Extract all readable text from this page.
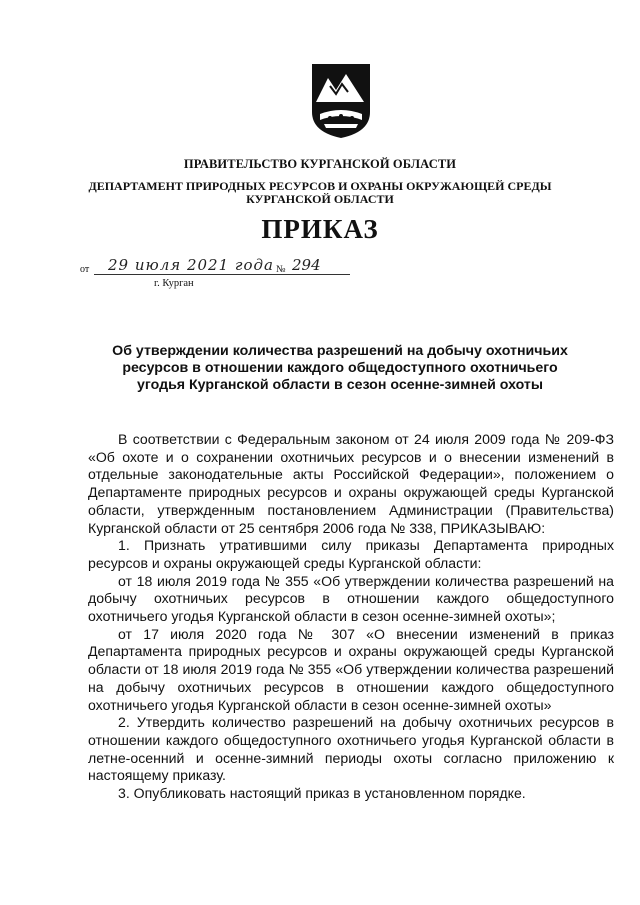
ПРАВИТЕЛЬСТВО КУРГАНСКОЙ ОБЛАСТИ
ДЕПАРТАМЕНТ ПРИРОДНЫХ РЕСУРСОВ И ОХРАНЫ ОКРУЖАЮЩЕЙ СРЕДЫ
КУРГАНСКОЙ ОБЛАСТИ
ПРИКАЗ
от 29 июля 2021 года № 294
г. Курган
Об утверждении количества разрешений на добычу охотничьих
ресурсов в отношении каждого общедоступного охотничьего
угодья Курганской области в сезон осенне-зимней охоты

В соответствии с Федеральным законом от 24 июля 2009 года № 209-ФЗ «Об охоте и о сохранении охотничьих ресурсов и о внесении изменений в отдельные законодательные акты Российской Федерации», положением о Департаменте природных ресурсов и охраны окружающей среды Курганской области, утвержденным постановлением Администрации (Правительства) Курганской области от 25 сентября 2006 года № 338, ПРИКАЗЫВАЮ:

1. Признать утратившими силу приказы Департамента природных ресурсов и охраны окружающей среды Курганской области:

от 18 июля 2019 года № 355 «Об утверждении количества разрешений на добычу охотничьих ресурсов в отношении каждого общедоступного охотничьего угодья Курганской области в сезон осенне-зимней охоты»;

от 17 июля 2020 года № 307 «О внесении изменений в приказ Департамента природных ресурсов и охраны окружающей среды Курганской области от 18 июля 2019 года № 355 «Об утверждении количества разрешений на добычу охотничьих ресурсов в отношении каждого общедоступного охотничьего угодья Курганской области в сезон осенне-зимней охоты»

2. Утвердить количество разрешений на добычу охотничьих ресурсов в отношении каждого общедоступного охотничьего угодья Курганской области в летне-осенний и осенне-зимний периоды охоты согласно приложению к настоящему приказу.

3. Опубликовать настоящий приказ в установленном порядке.
